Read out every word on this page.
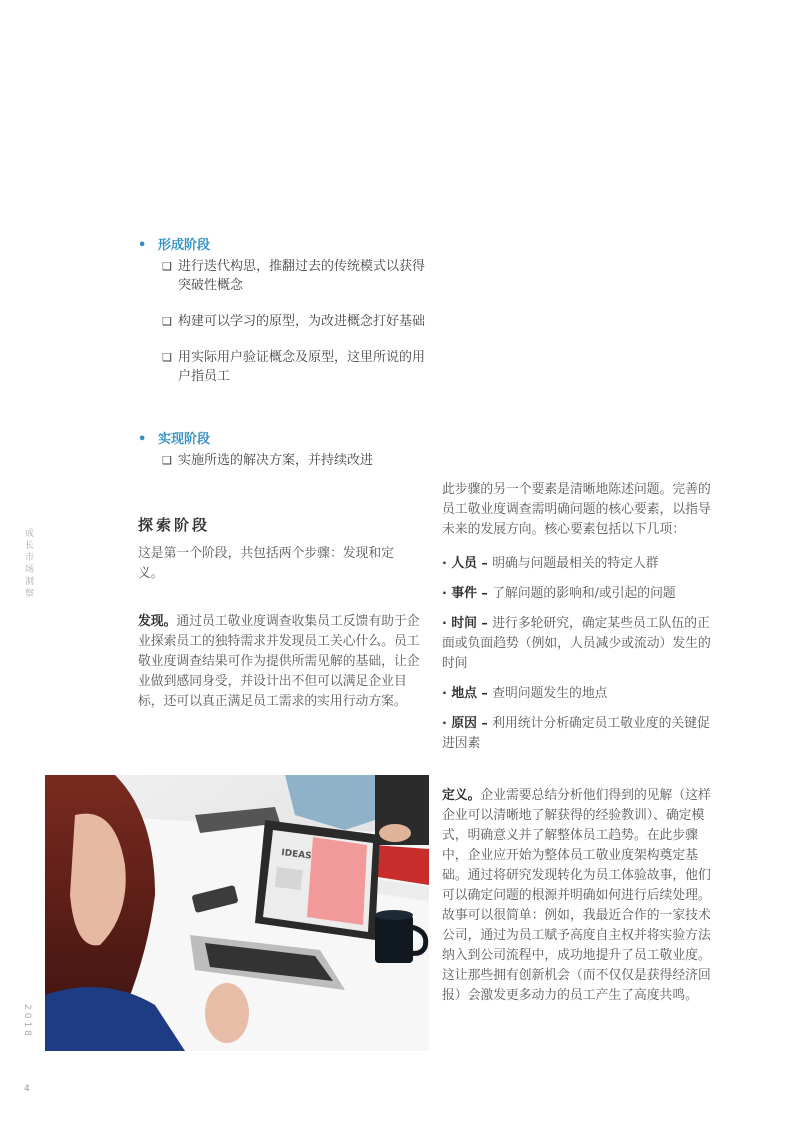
成长市场洞察
2018
4
• 形成阶段
❑ 进行迭代构思，推翻过去的传统模式以获得突破性概念
❑ 构建可以学习的原型，为改进概念打好基础
❑ 用实际用户验证概念及原型，这里所说的用户指员工
• 实现阶段
❑ 实施所选的解决方案，并持续改进
探索阶段
这是第一个阶段，共包括两个步骤：发现和定义。
发现。通过员工敬业度调查收集员工反馈有助于企业探索员工的独特需求并发现员工关心什么。员工敬业度调查结果可作为提供所需见解的基础，让企业做到感同身受，并设计出不但可以满足企业目标，还可以真正满足员工需求的实用行动方案。
此步骤的另一个要素是清晰地陈述问题。完善的员工敬业度调查需明确问题的核心要素，以指导未来的发展方向。核心要素包括以下几项：
· 人员 – 明确与问题最相关的特定人群
· 事件 – 了解问题的影响和/或引起的问题
· 时间 – 进行多轮研究，确定某些员工队伍的正面或负面趋势（例如，人员减少或流动）发生的时间
· 地点 – 查明问题发生的地点
· 原因 – 利用统计分析确定员工敬业度的关键促进因素
定义。企业需要总结分析他们得到的见解（这样企业可以清晰地了解获得的经验教训）、确定模式，明确意义并了解整体员工趋势。在此步骤中，企业应开始为整体员工敬业度架构奠定基础。通过将研究发现转化为员工体验故事，他们可以确定问题的根源并明确如何进行后续处理。故事可以很简单：例如，我最近合作的一家技术公司，通过为员工赋予高度自主权并将实验方法纳入到公司流程中，成功地提升了员工敬业度。这让那些拥有创新机会（而不仅仅是获得经济回报）会激发更多动力的员工产生了高度共鸣。
IDEAS
